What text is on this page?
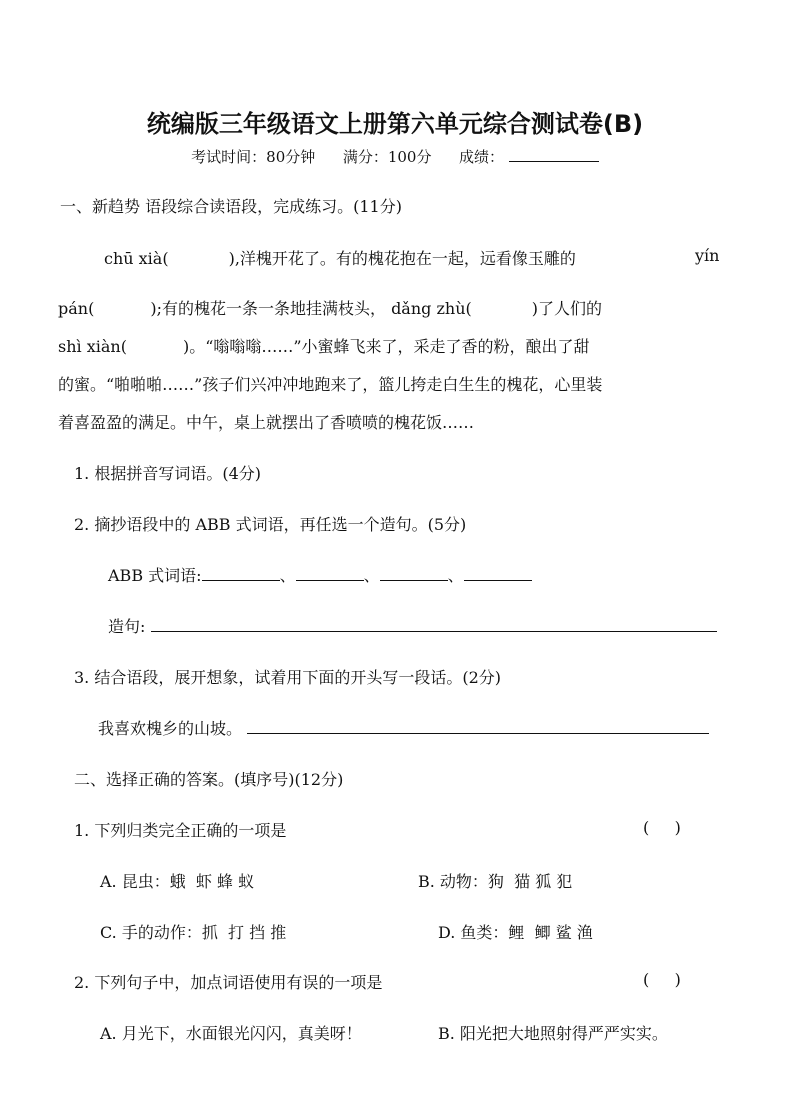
统编版三年级语文上册第六单元综合测试卷(B)
考试时间：80分钟 满分：100分 成绩：
一、新趋势 语段综合读语段，完成练习。(11分)
chū xià(	),洋槐开花了。有的槐花抱在一起，远看像玉雕的	yín
pán(	);有的槐花一条一条地挂满枝头， dǎng zhù(	)了人们的
shì xiàn(	)。“嗡嗡嗡……”小蜜蜂飞来了，采走了香的粉，酿出了甜
的蜜。“啪啪啪……”孩子们兴冲冲地跑来了，篮儿挎走白生生的槐花，心里装
着喜盈盈的满足。中午，桌上就摆出了香喷喷的槐花饭……
1. 根据拼音写词语。(4分)
2. 摘抄语段中的 ABB 式词语，再任选一个造句。(5分)
ABB 式词语:	、	、	、
造句:
3. 结合语段，展开想象，试着用下面的开头写一段话。(2分)
我喜欢槐乡的山坡。
二、选择正确的答案。(填序号)(12分)
1. 下列归类完全正确的一项是	(     )
A. 昆虫：蛾  虾 蜂 蚁	B. 动物：狗  猫 狐 犯
C. 手的动作：抓  打 挡 推	D. 鱼类：鲤  鲫 鲨 渔
2. 下列句子中，加点词语使用有误的一项是	(     )
A. 月光下，水面银光闪闪，真美呀！	B. 阳光把大地照射得严严实实。
